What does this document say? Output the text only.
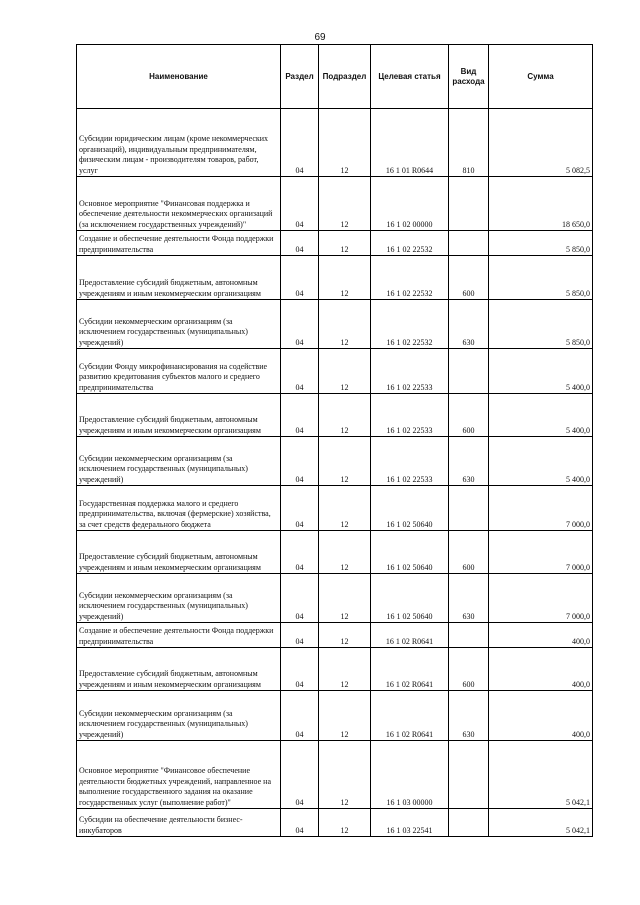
69
Наименование	Раздел	Подраздел	Целевая статья	Вид расхода	Сумма
Субсидии юридическим лицам (кроме некоммерческих организаций), индивидуальным предпринимателям, физическим лицам - производителям товаров, работ, услуг	04	12	16 1 01 R0644	810	5 082,5
Основное мероприятие "Финансовая поддержка и обеспечение деятельности некоммерческих организаций (за исключением государственных учреждений)"	04	12	16 1 02 00000		18 650,0
Создание и обеспечение деятельности Фонда поддержки предпринимательства	04	12	16 1 02 22532		5 850,0
Предоставление субсидий бюджетным, автономным учреждениям и иным некоммерческим организациям	04	12	16 1 02 22532	600	5 850,0
Субсидии некоммерческим организациям (за исключением государственных (муниципальных) учреждений)	04	12	16 1 02 22532	630	5 850,0
Субсидии Фонду микрофинансирования на содействие развитию кредитования субъектов малого и среднего предпринимательства	04	12	16 1 02 22533		5 400,0
Предоставление субсидий бюджетным, автономным учреждениям и иным некоммерческим организациям	04	12	16 1 02 22533	600	5 400,0
Субсидии некоммерческим организациям (за исключением государственных (муниципальных) учреждений)	04	12	16 1 02 22533	630	5 400,0
Государственная поддержка малого и среднего предпринимательства, включая (фермерские) хозяйства, за счет средств федерального бюджета	04	12	16 1 02 50640		7 000,0
Предоставление субсидий бюджетным, автономным учреждениям и иным некоммерческим организациям	04	12	16 1 02 50640	600	7 000,0
Субсидии некоммерческим организациям (за исключением государственных (муниципальных) учреждений)	04	12	16 1 02 50640	630	7 000,0
Создание и обеспечение деятельности Фонда поддержки предпринимательства	04	12	16 1 02 R0641		400,0
Предоставление субсидий бюджетным, автономным учреждениям и иным некоммерческим организациям	04	12	16 1 02 R0641	600	400,0
Субсидии некоммерческим организациям (за исключением государственных (муниципальных) учреждений)	04	12	16 1 02 R0641	630	400,0
Основное мероприятие "Финансовое обеспечение деятельности бюджетных учреждений, направленное на выполнение государственного задания на оказание государственных услуг (выполнение работ)"	04	12	16 1 03 00000		5 042,1
Субсидии на обеспечение деятельности бизнес-инкубаторов	04	12	16 1 03 22541		5 042,1
